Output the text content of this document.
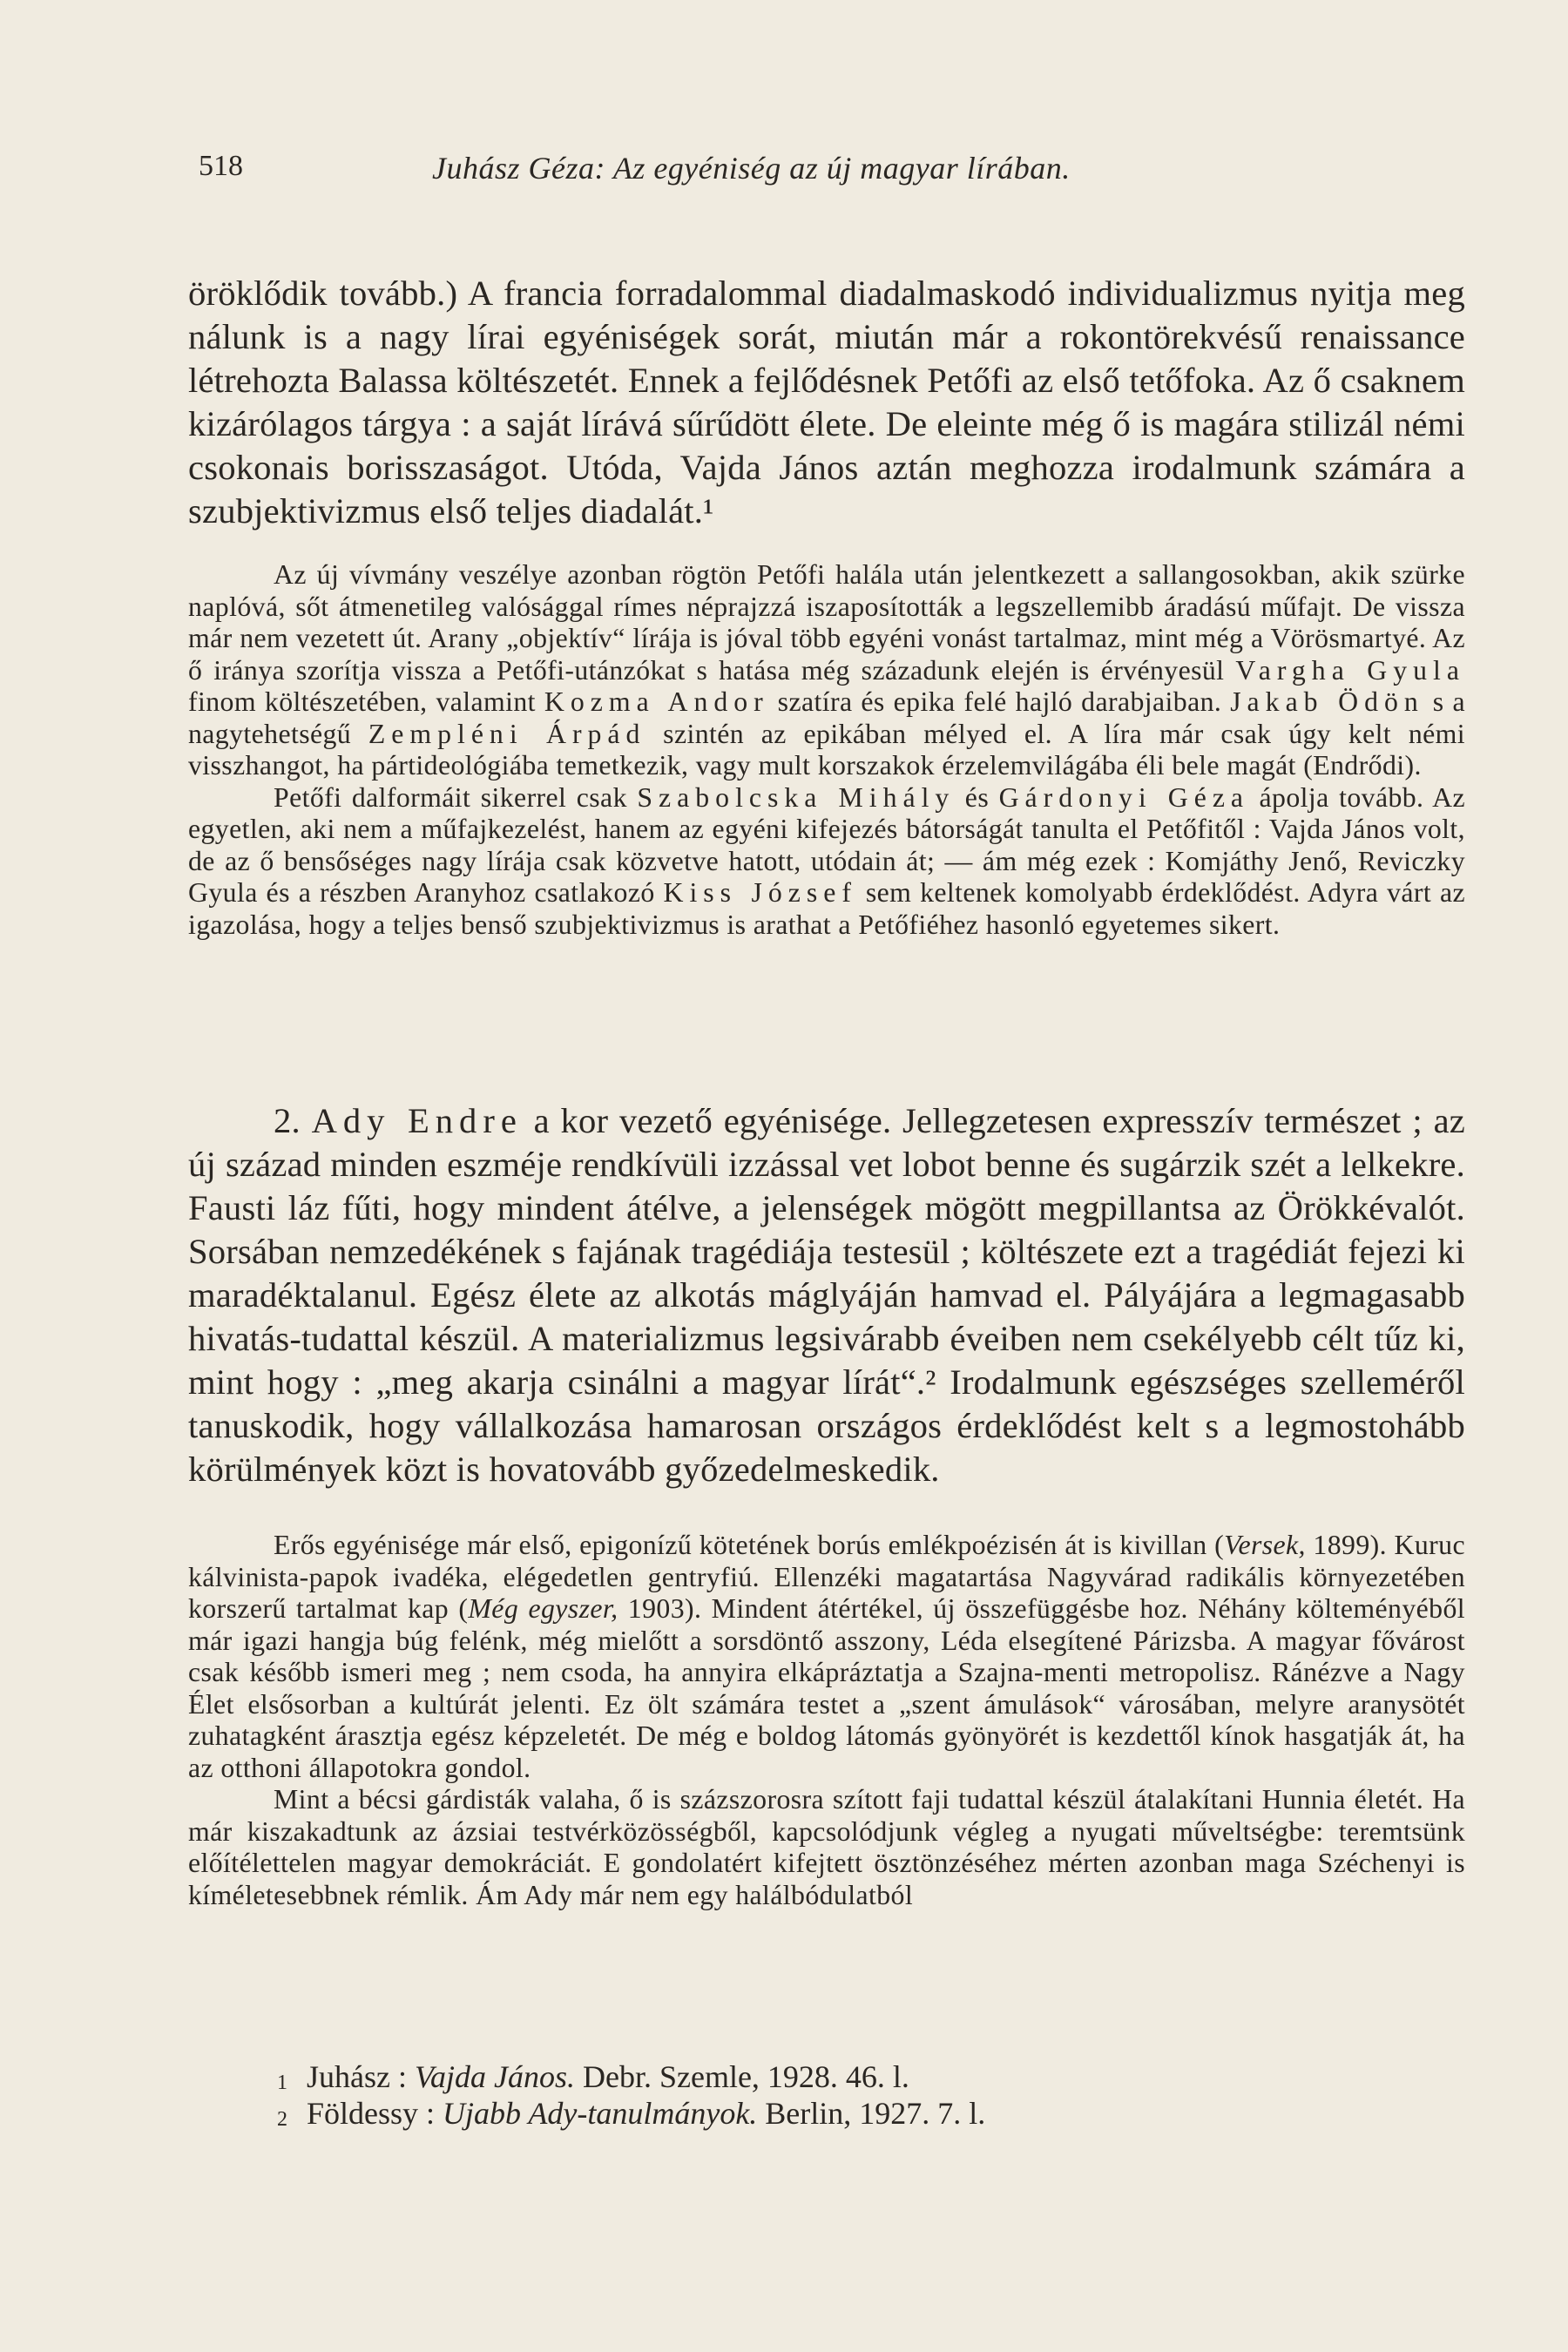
518	Juhász Géza: Az egyéniség az új magyar lírában.

öröklődik tovább.) A francia forradalommal diadalmaskodó individualizmus nyitja meg nálunk is a nagy lírai egyéniségek sorát, miután már a rokontörekvésű renaissance létrehozta Balassa költészetét. Ennek a fejlődésnek Petőfi az első tetőfoka. Az ő csaknem kizárólagos tárgya : a saját lírává sűrűdött élete. De eleinte még ő is magára stilizál némi csokonais borisszaságot. Utóda, Vajda János aztán meghozza irodalmunk számára a szubjektivizmus első teljes diadalát.¹

Az új vívmány veszélye azonban rögtön Petőfi halála után jelentkezett a sallangosokban, akik szürke naplóvá, sőt átmenetileg valósággal rímes néprajzzá iszaposították a legszellemibb áradású műfajt. De vissza már nem vezetett út. Arany „objektív“ lírája is jóval több egyéni vonást tartalmaz, mint még a Vörösmartyé. Az ő iránya szorítja vissza a Petőfi-utánzókat s hatása még századunk elején is érvényesül Vargha Gyula finom költészetében, valamint Kozma Andor szatíra és epika felé hajló darabjaiban. Jakab Ödön s a nagytehetségű Zempléni Árpád szintén az epikában mélyed el. A líra már csak úgy kelt némi visszhangot, ha pártideológiába temetkezik, vagy mult korszakok érzelemvilágába éli bele magát (Endrődi).

Petőfi dalformáit sikerrel csak Szabolcska Mihály és Gárdonyi Géza ápolja tovább. Az egyetlen, aki nem a műfajkezelést, hanem az egyéni kifejezés bátorságát tanulta el Petőfitől : Vajda János volt, de az ő bensőséges nagy lírája csak közvetve hatott, utódain át; — ám még ezek : Komjáthy Jenő, Reviczky Gyula és a részben Aranyhoz csatlakozó Kiss József sem keltenek komolyabb érdeklődést. Adyra várt az igazolása, hogy a teljes benső szubjektivizmus is arathat a Petőfiéhez hasonló egyetemes sikert.

2. Ady Endre a kor vezető egyénisége. Jellegzetesen expresszív természet ; az új század minden eszméje rendkívüli izzással vet lobot benne és sugárzik szét a lelkekre. Fausti láz fűti, hogy mindent átélve, a jelenségek mögött megpillantsa az Örökkévalót. Sorsában nemzedékének s fajának tragédiája testesül ; költészete ezt a tragédiát fejezi ki maradéktalanul. Egész élete az alkotás máglyáján hamvad el. Pályájára a legmagasabb hivatás-tudattal készül. A materializmus legsivárabb éveiben nem csekélyebb célt tűz ki, mint hogy : „meg akarja csinálni a magyar lírát“.² Irodalmunk egészséges szelleméről tanuskodik, hogy vállalkozása hamarosan országos érdeklődést kelt s a legmostohább körülmények közt is hovatovább győzedelmeskedik.

Erős egyénisége már első, epigonízű kötetének borús emlékpoézisén át is kivillan (Versek, 1899). Kuruc kálvinista-papok ivadéka, elégedetlen gentryfiú. Ellenzéki magatartása Nagyvárad radikális környezetében korszerű tartalmat kap (Még egyszer, 1903). Mindent átértékel, új összefüggésbe hoz. Néhány költeményéből már igazi hangja búg felénk, még mielőtt a sorsdöntő asszony, Léda elsegítené Párizsba. A magyar fővárost csak később ismeri meg ; nem csoda, ha annyira elkápráztatja a Szajna-menti metropolisz. Ránézve a Nagy Élet elsősorban a kultúrát jelenti. Ez ölt számára testet a „szent ámulások“ városában, melyre aranysötét zuhatagként árasztja egész képzeletét. De még e boldog látomás gyönyörét is kezdettől kínok hasgatják át, ha az otthoni állapotokra gondol.

Mint a bécsi gárdisták valaha, ő is százszorosra szított faji tudattal készül átalakítani Hunnia életét. Ha már kiszakadtunk az ázsiai testvérközösségből, kapcsolódjunk végleg a nyugati műveltségbe: teremtsünk előítélettelen magyar demokráciát. E gondolatért kifejtett ösztönzéséhez mérten azonban maga Széchenyi is kíméletesebbnek rémlik. Ám Ady már nem egy halálbódulatból

1 Juhász : Vajda János. Debr. Szemle, 1928. 46. l.
2 Földessy : Ujabb Ady-tanulmányok. Berlin, 1927. 7. l.
